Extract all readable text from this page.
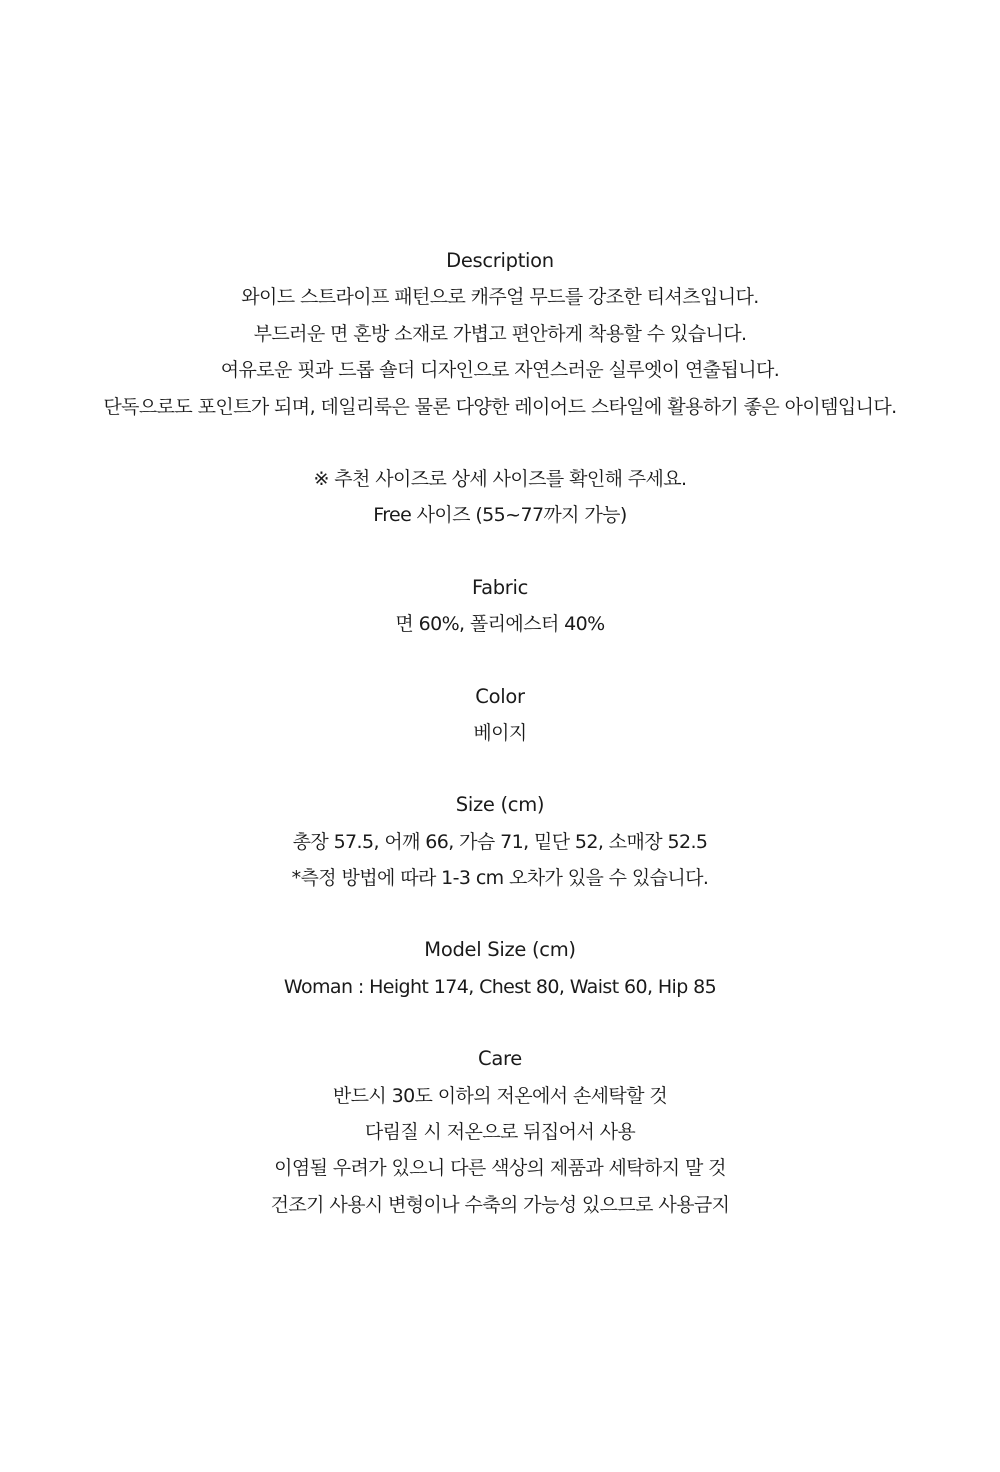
Description
와이드 스트라이프 패턴으로 캐주얼 무드를 강조한 티셔츠입니다.
부드러운 면 혼방 소재로 가볍고 편안하게 착용할 수 있습니다.
여유로운 핏과 드롭 숄더 디자인으로 자연스러운 실루엣이 연출됩니다.
단독으로도 포인트가 되며, 데일리룩은 물론 다양한 레이어드 스타일에 활용하기 좋은 아이템입니다.
※ 추천 사이즈로 상세 사이즈를 확인해 주세요.
Free 사이즈 (55~77까지 가능)
Fabric
면 60%, 폴리에스터 40%
Color
베이지
Size (cm)
총장 57.5, 어깨 66, 가슴 71, 밑단 52, 소매장 52.5
*측정 방법에 따라 1-3 cm 오차가 있을 수 있습니다.
Model Size (cm)
Woman : Height 174, Chest 80, Waist 60, Hip 85
Care
반드시 30도 이하의 저온에서 손세탁할 것
다림질 시 저온으로 뒤집어서 사용
이염될 우려가 있으니 다른 색상의 제품과 세탁하지 말 것
건조기 사용시 변형이나 수축의 가능성 있으므로 사용금지
